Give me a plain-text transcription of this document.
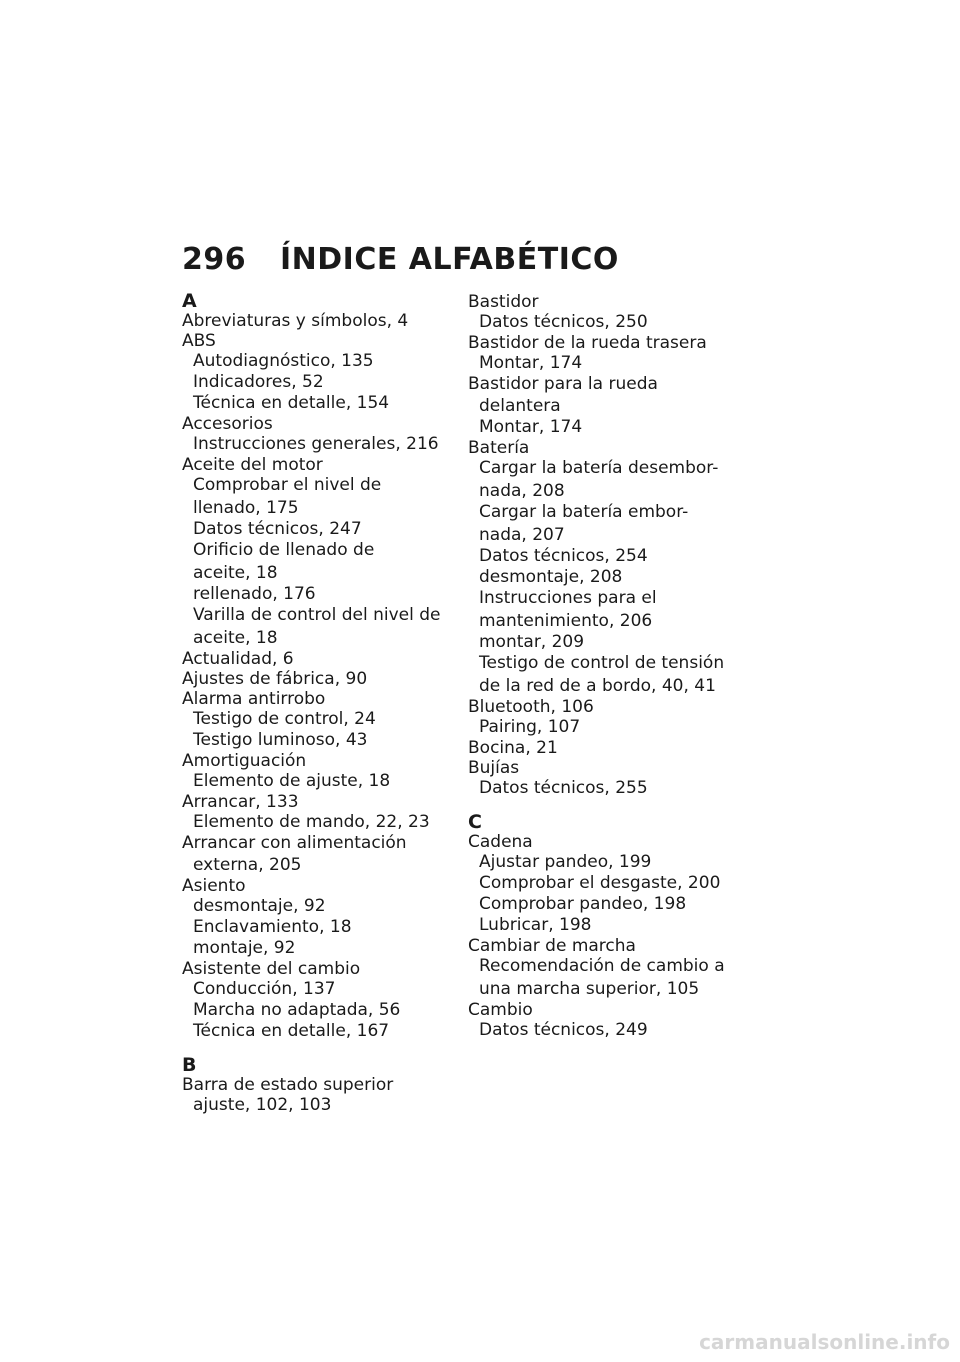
296 ÍNDICE ALFABÉTICO
A
Abreviaturas y símbolos, 4
ABS
Autodiagnóstico, 135
Indicadores, 52
Técnica en detalle, 154
Accesorios
Instrucciones generales, 216
Aceite del motor
Comprobar el nivel de
llenado, 175
Datos técnicos, 247
Orificio de llenado de
aceite, 18
rellenado, 176
Varilla de control del nivel de
aceite, 18
Actualidad, 6
Ajustes de fábrica, 90
Alarma antirrobo
Testigo de control, 24
Testigo luminoso, 43
Amortiguación
Elemento de ajuste, 18
Arrancar, 133
Elemento de mando, 22, 23
Arrancar con alimentación
externa, 205
Asiento
desmontaje, 92
Enclavamiento, 18
montaje, 92
Asistente del cambio
Conducción, 137
Marcha no adaptada, 56
Técnica en detalle, 167
B
Barra de estado superior
ajuste, 102, 103
Bastidor
Datos técnicos, 250
Bastidor de la rueda trasera
Montar, 174
Bastidor para la rueda
delantera
Montar, 174
Batería
Cargar la batería desembor-
nada, 208
Cargar la batería embor-
nada, 207
Datos técnicos, 254
desmontaje, 208
Instrucciones para el
mantenimiento, 206
montar, 209
Testigo de control de tensión
de la red de a bordo, 40, 41
Bluetooth, 106
Pairing, 107
Bocina, 21
Bujías
Datos técnicos, 255
C
Cadena
Ajustar pandeo, 199
Comprobar el desgaste, 200
Comprobar pandeo, 198
Lubricar, 198
Cambiar de marcha
Recomendación de cambio a
una marcha superior, 105
Cambio
Datos técnicos, 249
carmanualsonline.info
